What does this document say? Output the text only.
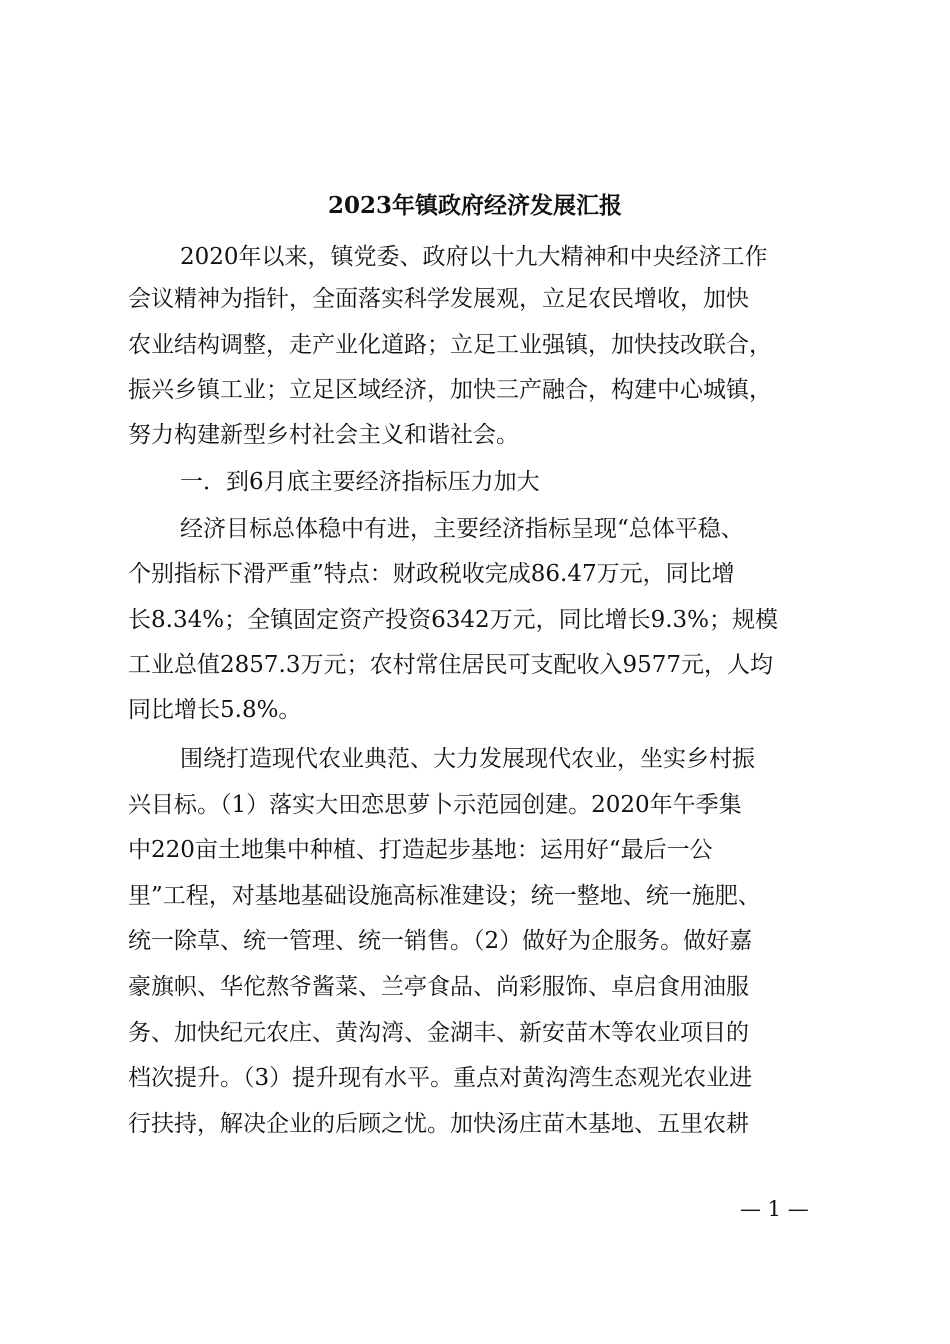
2023年镇政府经济发展汇报
2020年以来，镇党委、政府以十九大精神和中央经济工作
会议精神为指针，全面落实科学发展观，立足农民增收，加快
农业结构调整，走产业化道路；立足工业强镇，加快技改联合，
振兴乡镇工业；立足区域经济，加快三产融合，构建中心城镇，
努力构建新型乡村社会主义和谐社会。
一．到6月底主要经济指标压力加大
经济目标总体稳中有进，主要经济指标呈现“总体平稳、
个别指标下滑严重”特点：财政税收完成86.47万元，同比增
长8.34%；全镇固定资产投资6342万元，同比增长9.3%；规模
工业总值2857.3万元；农村常住居民可支配收入9577元，人均
同比增长5.8%。
围绕打造现代农业典范、大力发展现代农业，坐实乡村振
兴目标。（1）落实大田恋思萝卜示范园创建。2020年午季集
中220亩土地集中种植、打造起步基地：运用好“最后一公
里”工程，对基地基础设施高标准建设；统一整地、统一施肥、
统一除草、统一管理、统一销售。（2）做好为企服务。做好嘉
豪旗帜、华佗熬爷酱菜、兰亭食品、尚彩服饰、卓启食用油服
务、加快纪元农庄、黄沟湾、金湖丰、新安苗木等农业项目的
档次提升。（3）提升现有水平。重点对黄沟湾生态观光农业进
行扶持，解决企业的后顾之忧。加快汤庄苗木基地、五里农耕
— 1 —
